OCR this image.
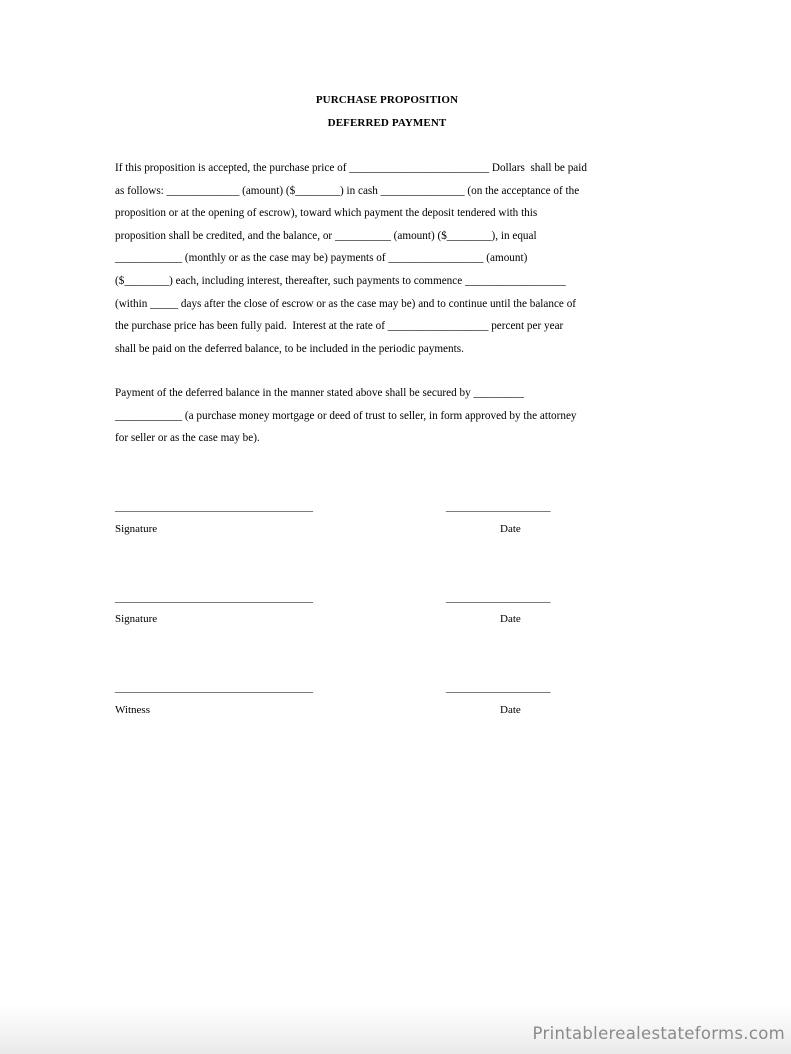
PURCHASE PROPOSITION
DEFERRED PAYMENT
If this proposition is accepted, the purchase price of _________________________ Dollars  shall be paid
as follows: _____________ (amount) ($________) in cash _______________ (on the acceptance of the
proposition or at the opening of escrow), toward which payment the deposit tendered with this
proposition shall be credited, and the balance, or __________ (amount) ($________), in equal
____________ (monthly or as the case may be) payments of _________________ (amount)
($________) each, including interest, thereafter, such payments to commence __________________
(within _____ days after the close of escrow or as the case may be) and to continue until the balance of
the purchase price has been fully paid.  Interest at the rate of __________________ percent per year
shall be paid on the deferred balance, to be included in the periodic payments.
Payment of the deferred balance in the manner stated above shall be secured by _________
____________ (a purchase money mortgage or deed of trust to seller, in form approved by the attorney
for seller or as the case may be).
____________________________________	___________________
Signature	Date
____________________________________	___________________
Signature	Date
____________________________________	___________________
Witness	Date
Printablerealestateforms.com
